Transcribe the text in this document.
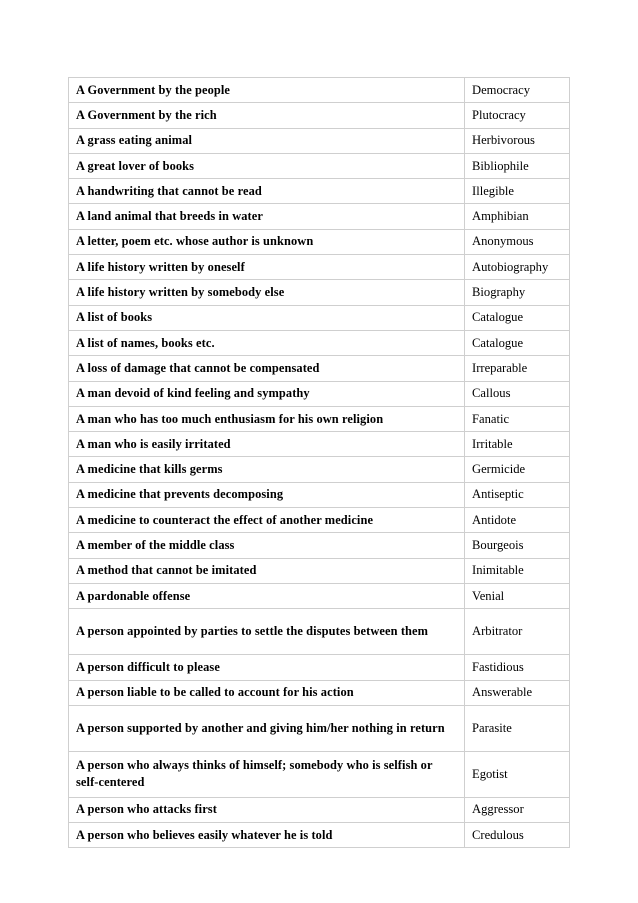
A Government by the people	Democracy
A Government by the rich	Plutocracy
A grass eating animal	Herbivorous
A great lover of books	Bibliophile
A handwriting that cannot be read	Illegible
A land animal that breeds in water	Amphibian
A letter, poem etc. whose author is unknown	Anonymous
A life history written by oneself	Autobiography
A life history written by somebody else	Biography
A list of books	Catalogue
A list of names, books etc.	Catalogue
A loss of damage that cannot be compensated	Irreparable
A man devoid of kind feeling and sympathy	Callous
A man who has too much enthusiasm for his own religion	Fanatic
A man who is easily irritated	Irritable
A medicine that kills germs	Germicide
A medicine that prevents decomposing	Antiseptic
A medicine to counteract the effect of another medicine	Antidote
A member of the middle class	Bourgeois
A method that cannot be imitated	Inimitable
A pardonable offense	Venial
A person appointed by parties to settle the disputes between them	Arbitrator
A person difficult to please	Fastidious
A person liable to be called to account for his action	Answerable
A person supported by another and giving him/her nothing in return	Parasite
A person who always thinks of himself; somebody who is selfish or self-centered	Egotist
A person who attacks first	Aggressor
A person who believes easily whatever he is told	Credulous
